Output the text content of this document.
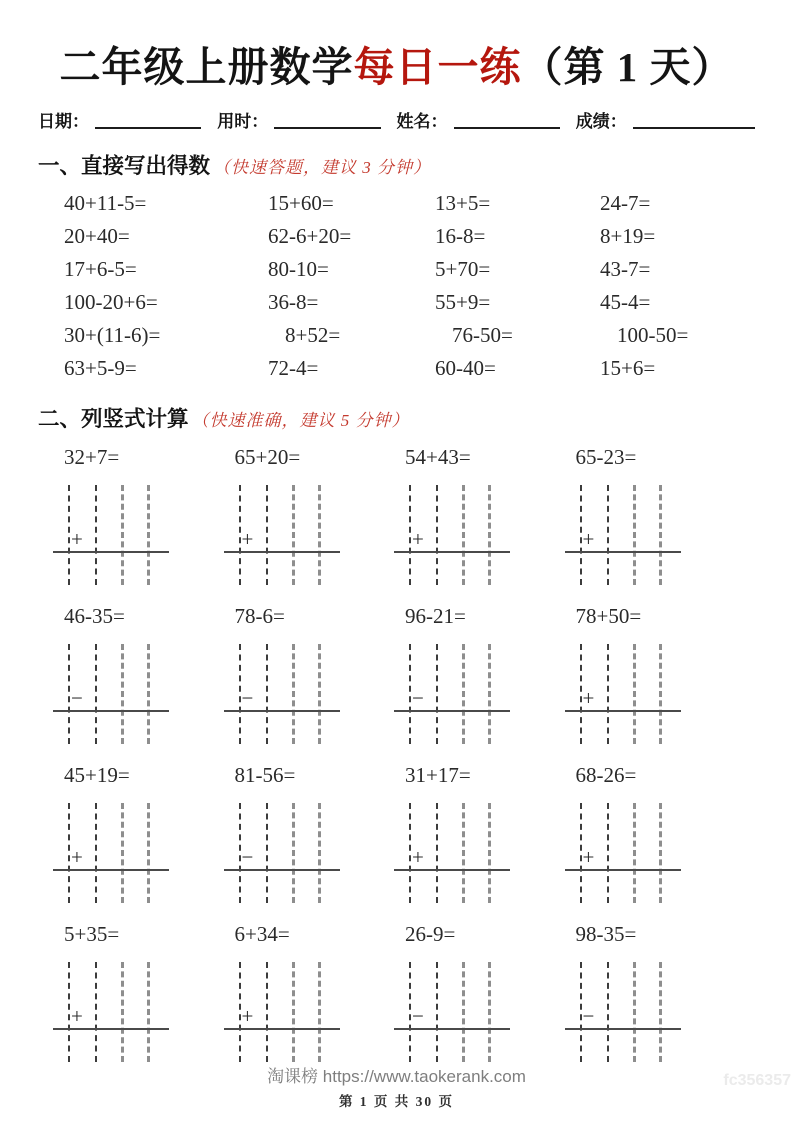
二年级上册数学每日一练（第 1 天）
日期：	用时：	姓名：	成绩：
一、直接写出得数 （快速答题，建议 3 分钟）
40+11-5=	15+60=	13+5=	24-7=
20+40=	62-6+20=	16-8=	8+19=
17+6-5=	80-10=	5+70=	43-7=
100-20+6=	36-8=	55+9=	45-4=
30+(11-6)=	8+52=	76-50=	100-50=
63+5-9=	72-4=	60-40=	15+6=
二、列竖式计算 （快速准确，建议 5 分钟）
32+7=
+
65+20=
+
54+43=
+
65-23=
+
46-35=
−
78-6=
−
96-21=
−
78+50=
+
45+19=
+
81-56=
−
31+17=
+
68-26=
+
5+35=
+
6+34=
+
26-9=
−
98-35=
−
淘课榜 https://www.taokerank.com
第 1 页 共 30 页
fc356357
